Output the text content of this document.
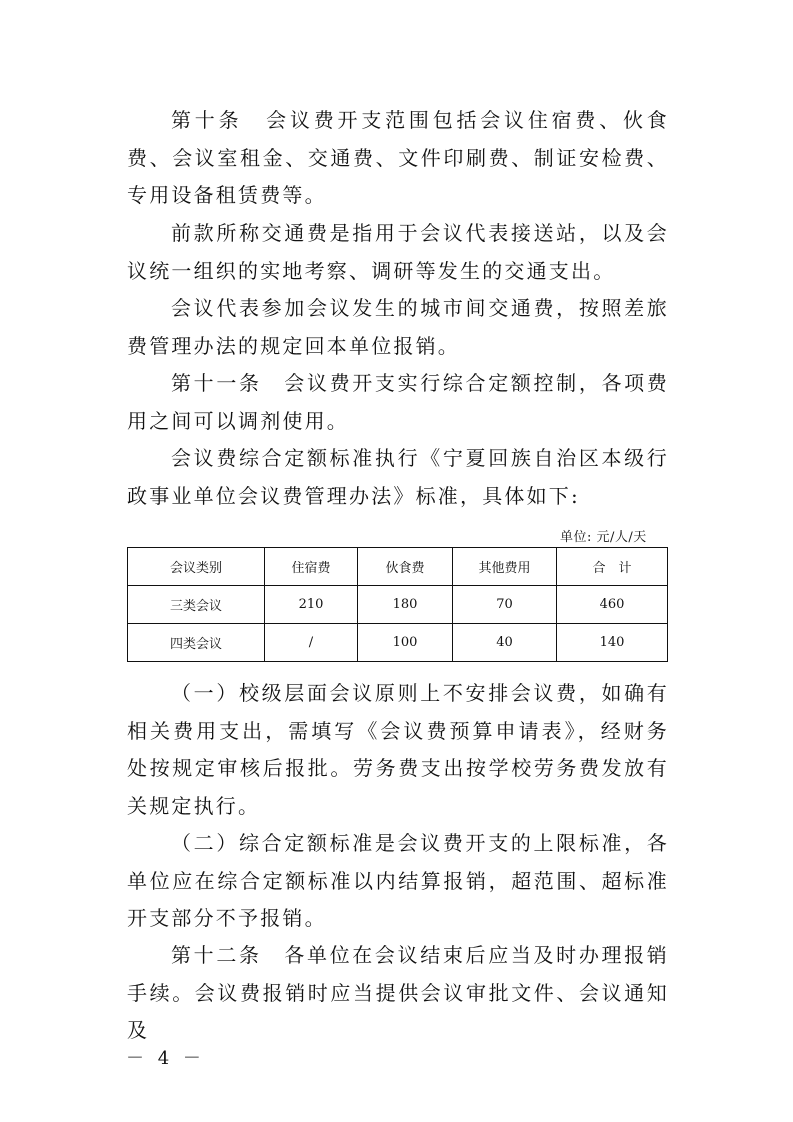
第十条　会议费开支范围包括会议住宿费、伙食费、会议室租金、交通费、文件印刷费、制证安检费、专用设备租赁费等。
前款所称交通费是指用于会议代表接送站，以及会议统一组织的实地考察、调研等发生的交通支出。
会议代表参加会议发生的城市间交通费，按照差旅费管理办法的规定回本单位报销。
第十一条　会议费开支实行综合定额控制，各项费用之间可以调剂使用。
会议费综合定额标准执行《宁夏回族自治区本级行政事业单位会议费管理办法》标准，具体如下:
单位: 元/人/天
会议类别	住宿费	伙食费	其他费用	合　计
三类会议	210	180	70	460
四类会议	/	100	40	140
（一）校级层面会议原则上不安排会议费，如确有相关费用支出，需填写《会议费预算申请表》，经财务处按规定审核后报批。劳务费支出按学校劳务费发放有关规定执行。
（二）综合定额标准是会议费开支的上限标准，各单位应在综合定额标准以内结算报销，超范围、超标准开支部分不予报销。
第十二条　各单位在会议结束后应当及时办理报销手续。会议费报销时应当提供会议审批文件、会议通知及
－ 4 －
